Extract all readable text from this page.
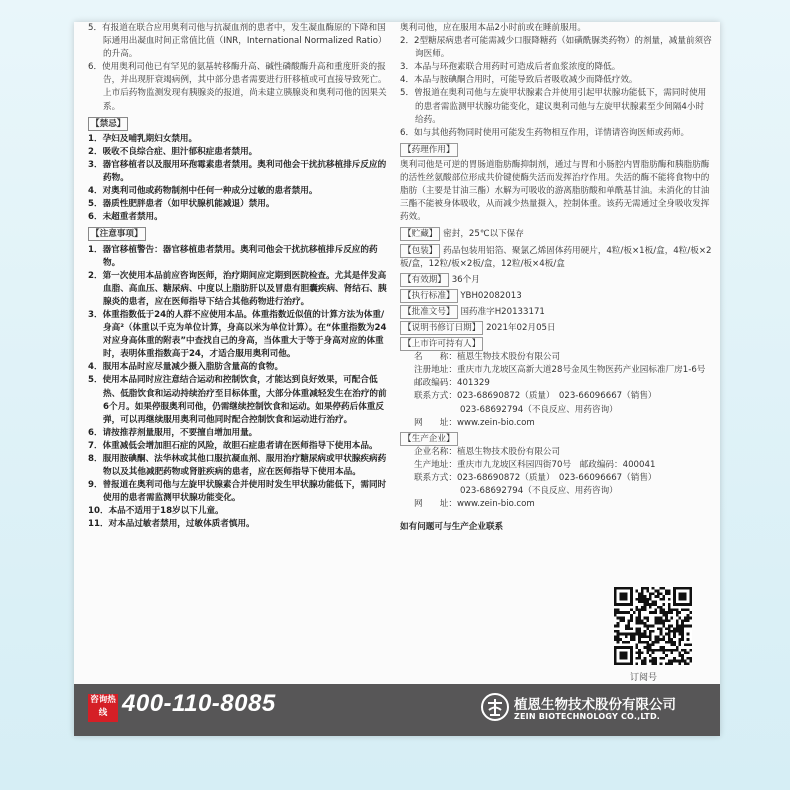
5．有报道在联合应用奥利司他与抗凝血剂的患者中，发生凝血酶原的下降和国际通用出凝血时间正常值比值（INR，International Normalized Ratio）的升高。

6．使用奥利司他已有罕见的氨基转移酶升高、碱性磷酸酶升高和重度肝炎的报告，并出现肝衰竭病例，其中部分患者需要进行肝移植或可直接导致死亡。上市后药物监测发现有胰腺炎的报道，尚未建立胰腺炎和奥利司他的因果关系。

【禁忌】

1．孕妇及哺乳期妇女禁用。

2．吸收不良综合症、胆汁郁积症患者禁用。

3．器官移植者以及服用环孢霉素患者禁用。奥利司他会干扰抗移植排斥反应的药物。

4．对奥利司他或药物制剂中任何一种成分过敏的患者禁用。

5．器质性肥胖患者（如甲状腺机能减退）禁用。

6．未超重者禁用。

【注意事项】

1．器官移植警告：器官移植患者禁用。奥利司他会干扰抗移植排斥反应的药物。

2．第一次使用本品前应咨询医师，治疗期间应定期到医院检查。尤其是伴发高血脂、高血压、糖尿病、中度以上脂肪肝以及冒患有胆囊疾病、肾结石、胰腺炎的患者，应在医师指导下结合其他药物进行治疗。

3．体重指数低于24的人群不应使用本品。体重指数近似值的计算方法为体重/身高²（体重以千克为单位计算，身高以米为单位计算）。在“体重指数为24对应身高体重的附表”中查找自己的身高，当体重大于等于身高对应的体重时，表明体重指数高于24，才适合服用奥利司他。

4．服用本品时应尽量减少摄入脂肪含量高的食物。

5．使用本品同时应注意结合运动和控制饮食，才能达到良好效果，可配合低热、低脂饮食和运动持续治疗至目标体重，大部分体重减轻发生在治疗的前6个月。如果停服奥利司他，仍需继续控制饮食和运动。如果停药后体重反弹，可以再继续服用奥利司他同时配合控制饮食和运动进行治疗。

6．请按推荐剂量服用，不要擅自增加用量。

7．体重减低会增加胆石症的风险，故胆石症患者请在医师指导下使用本品。

8．服用胺碘酮、法华林或其他口服抗凝血剂、服用治疗糖尿病或甲状腺疾病药物以及其他减肥药物或肾脏疾病的患者，应在医师指导下使用本品。

9．曾报道在奥利司他与左旋甲状腺素合并使用时发生甲状腺功能低下，需同时使用的患者需监测甲状腺功能变化。

10．本品不适用于18岁以下儿童。

11．对本品过敏者禁用，过敏体质者慎用。

奥利司他，应在服用本品2小时前或在睡前服用。

2．2型糖尿病患者可能需减少口服降糖药（如磺酰脲类药物）的剂量，减量前须咨询医师。

3．本品与环孢素联合用药时可造成后者血浆浓度的降低。

4．本品与胺碘酮合用时，可能导致后者吸收减少而降低疗效。

5．曾报道在奥利司他与左旋甲状腺素合并使用引起甲状腺功能低下，需同时使用的患者需监测甲状腺功能变化，建议奥利司他与左旋甲状腺素至少间隔4小时给药。

6．如与其他药物同时使用可能发生药物相互作用，详情请咨询医师或药师。

【药理作用】

奥利司他是可逆的胃肠道脂肪酶抑制剂，通过与胃和小肠腔内胃脂肪酶和胰脂肪酶的活性丝氨酸部位形成共价键使酶失活而发挥治疗作用。失活的酶不能将食物中的脂肪（主要是甘油三酯）水解为可吸收的游离脂肪酸和单酰基甘油。未消化的甘油三酯不能被身体吸收，从而减少热量摄入，控制体重。该药无需通过全身吸收发挥药效。

【贮藏】 密封，25℃以下保存

【包装】 药品包装用铝箔、聚氯乙烯固体药用硬片，4粒/板×1板/盒，4粒/板×2板/盒，12粒/板×2板/盒，12粒/板×4板/盒

【有效期】 36个月

【执行标准】 YBH02082013

【批准文号】 国药准字H20133171

【说明书修订日期】 2021年02月05日

【上市许可持有人】

名　　称：植恩生物技术股份有限公司

注册地址：重庆市九龙坡区高新大道28号金凤生物医药产业园标准厂房1-6号

邮政编码：401329

联系方式：023-68690872（质量）　023-66096667（销售）

023-68692794（不良反应、用药咨询）

网　　址：www.zein-bio.com

【生产企业】

企业名称：植恩生物技术股份有限公司

生产地址：重庆市九龙坡区科园四街70号　邮政编码：400041

联系方式：023-68690872（质量）　023-66096667（销售）

023-68692794（不良反应、用药咨询）

网　　址：www.zein-bio.com

如有问题可与生产企业联系

订阅号
咨询热线 400-110-8085	植恩生物技术股份有限公司
ZEIN BIOTECHNOLOGY CO.,LTD.
